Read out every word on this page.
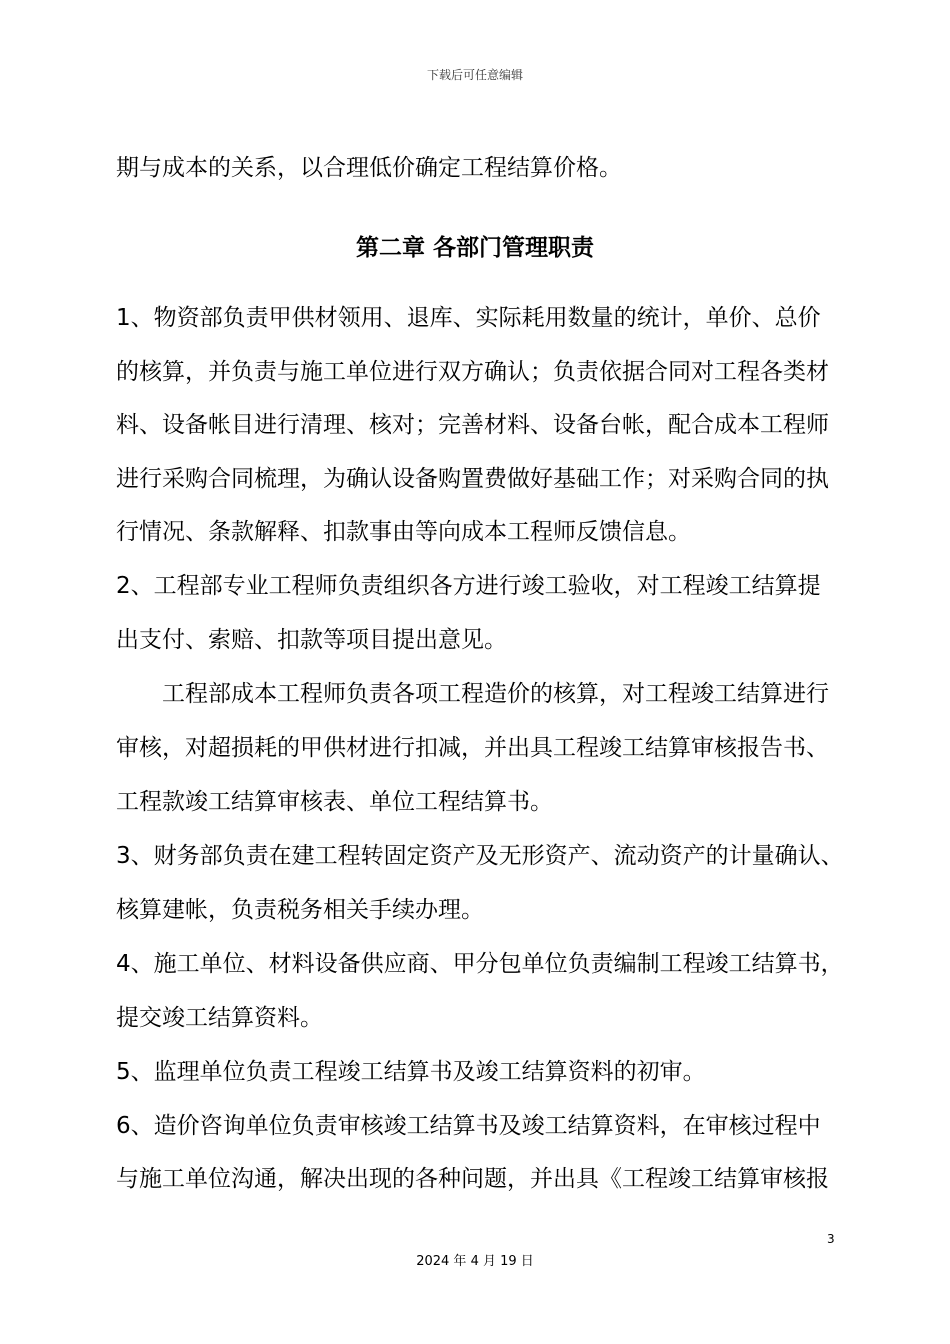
下载后可任意编辑
期与成本的关系，以合理低价确定工程结算价格。
第二章 各部门管理职责
1、物资部负责甲供材领用、退库、实际耗用数量的统计，单价、总价
的核算，并负责与施工单位进行双方确认；负责依据合同对工程各类材
料、设备帐目进行清理、核对；完善材料、设备台帐，配合成本工程师
进行采购合同梳理，为确认设备购置费做好基础工作；对采购合同的执
行情况、条款解释、扣款事由等向成本工程师反馈信息。
2、工程部专业工程师负责组织各方进行竣工验收，对工程竣工结算提
出支付、索赔、扣款等项目提出意见。
工程部成本工程师负责各项工程造价的核算，对工程竣工结算进行
审核，对超损耗的甲供材进行扣减，并出具工程竣工结算审核报告书、
工程款竣工结算审核表、单位工程结算书。
3、财务部负责在建工程转固定资产及无形资产、流动资产的计量确认、
核算建帐，负责税务相关手续办理。
4、施工单位、材料设备供应商、甲分包单位负责编制工程竣工结算书，
提交竣工结算资料。
5、监理单位负责工程竣工结算书及竣工结算资料的初审。
6、造价咨询单位负责审核竣工结算书及竣工结算资料，在审核过程中
与施工单位沟通，解决出现的各种问题，并出具《工程竣工结算审核报
3
2024 年 4 月 19 日
